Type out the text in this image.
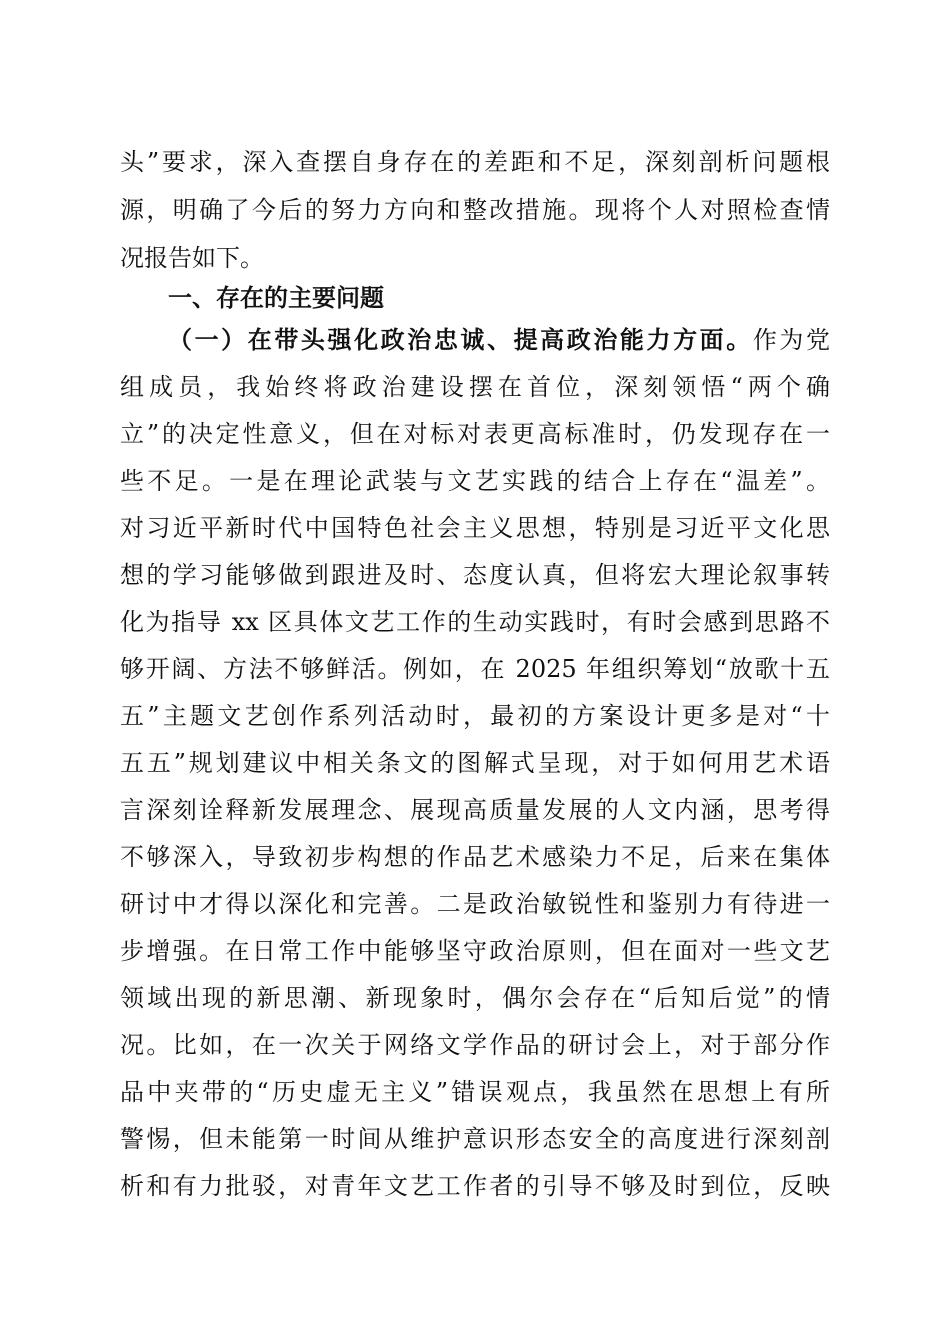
头”要求，深入查摆自身存在的差距和不足，深刻剖析问题根
源，明确了今后的努力方向和整改措施。现将个人对照检查情
况报告如下。
一、存在的主要问题
（一）在带头强化政治忠诚、提高政治能力方面。作为党
组成员，我始终将政治建设摆在首位，深刻领悟“两个确
立”的决定性意义，但在对标对表更高标准时，仍发现存在一
些不足。一是在理论武装与文艺实践的结合上存在“温差”。
对习近平新时代中国特色社会主义思想，特别是习近平文化思
想的学习能够做到跟进及时、态度认真，但将宏大理论叙事转
化为指导 xx 区具体文艺工作的生动实践时，有时会感到思路不
够开阔、方法不够鲜活。例如，在 2025 年组织筹划“放歌十五
五”主题文艺创作系列活动时，最初的方案设计更多是对“十
五五”规划建议中相关条文的图解式呈现，对于如何用艺术语
言深刻诠释新发展理念、展现高质量发展的人文内涵，思考得
不够深入，导致初步构想的作品艺术感染力不足，后来在集体
研讨中才得以深化和完善。二是政治敏锐性和鉴别力有待进一
步增强。在日常工作中能够坚守政治原则，但在面对一些文艺
领域出现的新思潮、新现象时，偶尔会存在“后知后觉”的情
况。比如，在一次关于网络文学作品的研讨会上，对于部分作
品中夹带的“历史虚无主义”错误观点，我虽然在思想上有所
警惕，但未能第一时间从维护意识形态安全的高度进行深刻剖
析和有力批驳，对青年文艺工作者的引导不够及时到位，反映
